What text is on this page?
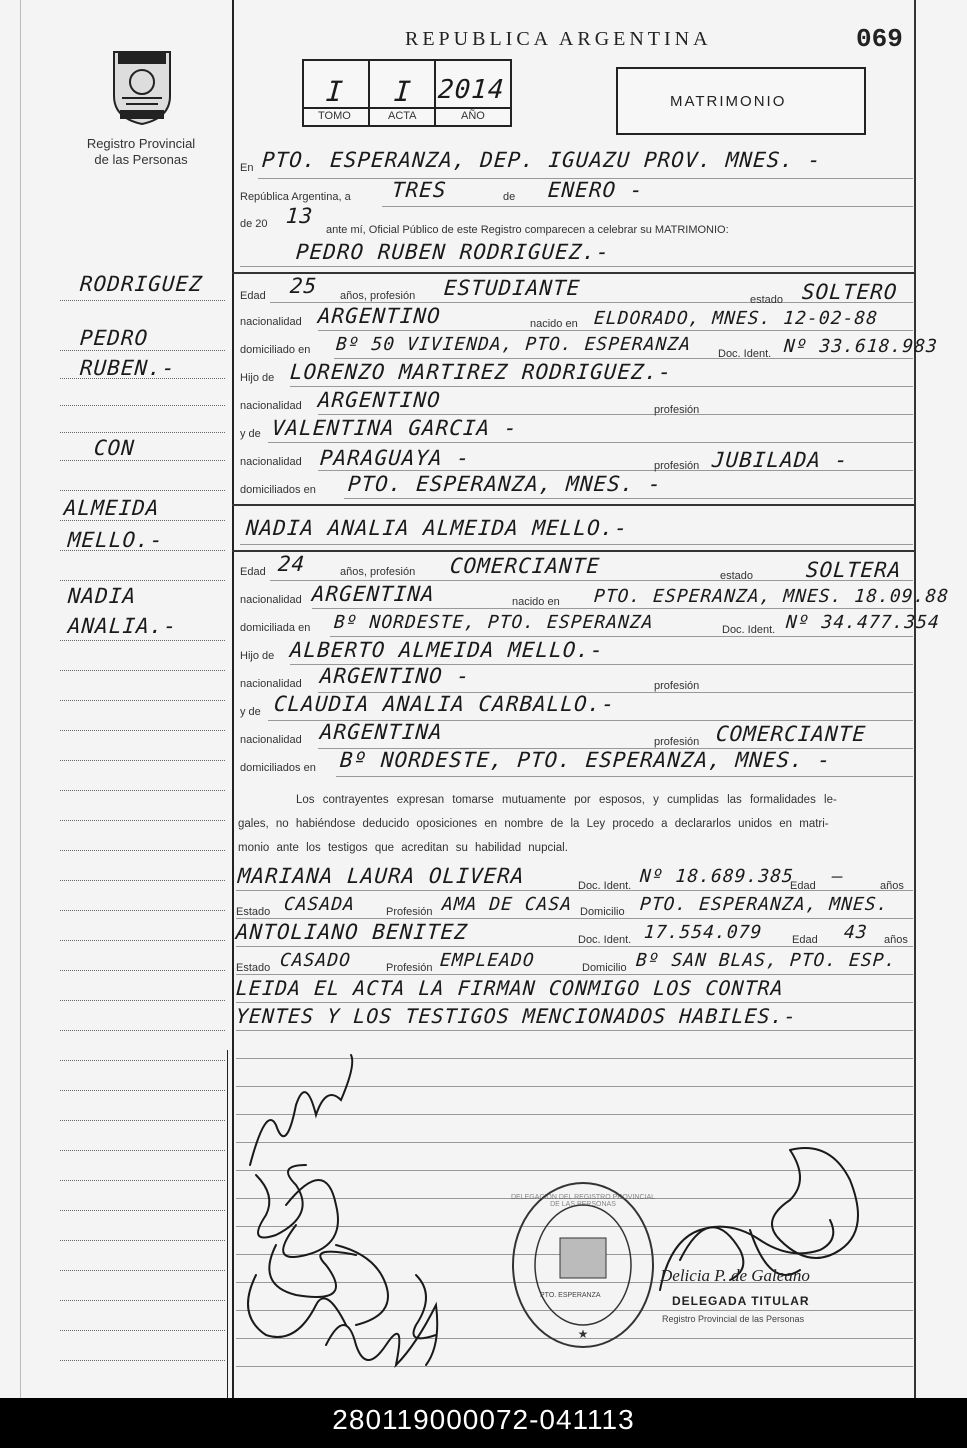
Registro Provincial
de las Personas
REPUBLICA ARGENTINA	069
I I 2014
TOMO	ACTA	AÑO
MATRIMONIO
RODRIGUEZ
PEDRO
RUBEN.-
CON
ALMEIDA
MELLO.-
NADIA
ANALIA.-
En PTO. ESPERANZA, DEP. IGUAZU PROV. MNES. -
República Argentina, a TRES	de ENERO -
de 20 13
ante mí, Oficial Público de este Registro comparecen a celebrar su MATRIMONIO:
PEDRO RUBEN RODRIGUEZ.-
Edad 25 años, profesión ESTUDIANTE	estado SOLTERO
nacionalidad ARGENTINO	nacido en ELDORADO, MNES. 12-02-88
domiciliado en Bº 50 VIVIENDA, PTO. ESPERANZA Doc. Ident. Nº 33.618.983
Hijo de LORENZO MARTIREZ RODRIGUEZ.-
nacionalidad ARGENTINO	profesión
y de VALENTINA GARCIA -
nacionalidad PARAGUAYA -	profesión JUBILADA -
domiciliados en PTO. ESPERANZA, MNES. -
NADIA ANALIA ALMEIDA MELLO.-
Edad 24	años, profesión COMERCIANTE	estado SOLTERA
nacionalidad ARGENTINA	nacido en PTO. ESPERANZA, MNES. 18.09.88
domiciliada en Bº NORDESTE, PTO. ESPERANZA	Doc. Ident. Nº 34.477.354
Hijo de ALBERTO ALMEIDA MELLO.-
nacionalidad ARGENTINO -	profesión
y de CLAUDIA ANALIA CARBALLO.-
nacionalidad ARGENTINA	profesión COMERCIANTE
domiciliados en Bº NORDESTE, PTO. ESPERANZA, MNES. -
Los contrayentes expresan tomarse mutuamente por esposos, y cumplidas las formalidades le-
gales, no habiéndose deducido oposiciones en nombre de la Ley procedo a declararlos unidos en matri-
monio ante los testigos que acreditan su habilidad nupcial.
MARIANA LAURA OLIVERA	Doc. Ident. Nº 18.689.385
Edad —	años
Estado CASADA	Profesión AMA DE CASA Domicilio PTO. ESPERANZA, MNES.
ANTOLIANO BENITEZ	Doc. Ident. 17.554.079	Edad 43 años
Estado CASADO	Profesión EMPLEADO	Domicilio Bº SAN BLAS, PTO. ESP.
LEIDA EL ACTA LA FIRMAN CONMIGO LOS CONTRA
YENTES Y LOS TESTIGOS MENCIONADOS HABILES.-
★
DELEGACION DEL REGISTRO PROVINCIAL DE LAS PERSONAS
PTO. ESPERANZA
Delicia P. de Galeano
DELEGADA TITULAR
Registro Provincial de las Personas
280119000072-041113
